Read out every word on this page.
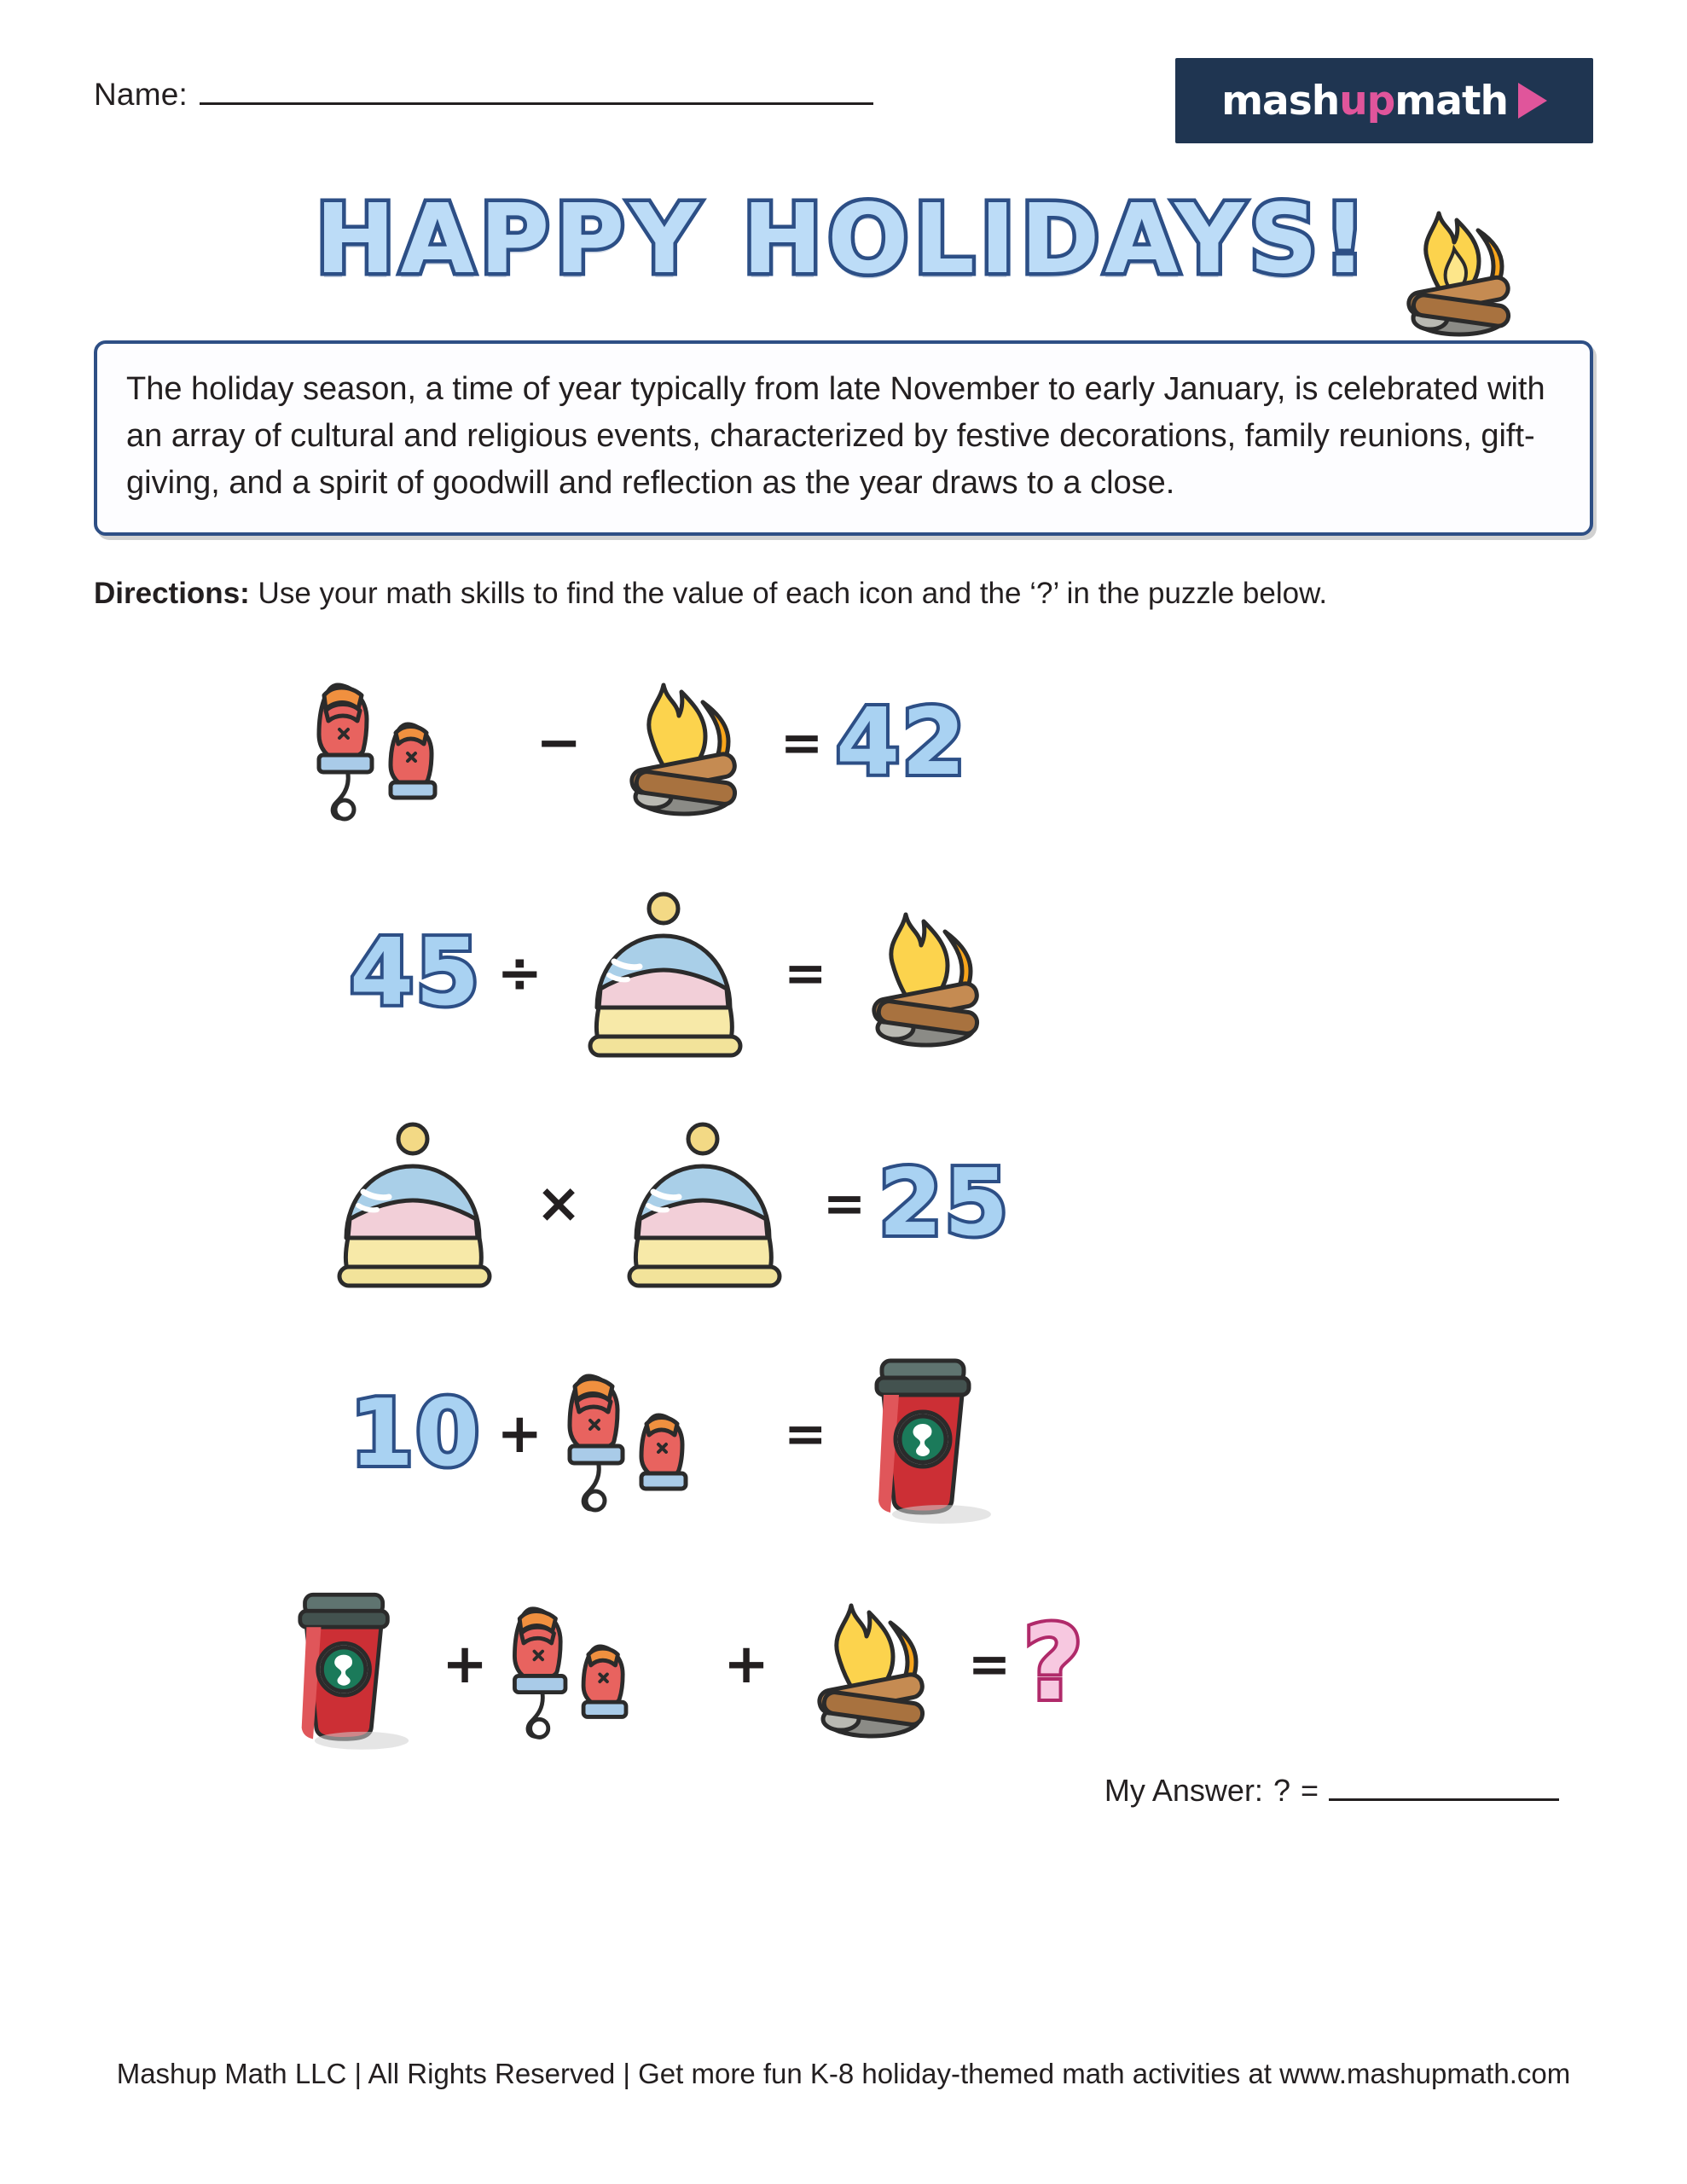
Name:	mashupmath
HAPPY HOLIDAYS!
The holiday season, a time of year typically from late November to early January, is celebrated with an array of cultural and religious events, characterized by festive decorations, family reunions, gift-giving, and a spirit of goodwill and reflection as the year draws to a close.
Directions: Use your math skills to find the value of each icon and the ‘?’ in the puzzle below.
−	= 42
45 ÷	=
×	= 25
10 +	=
+	+	= ?
My Answer: ? =
Mashup Math LLC | All Rights Reserved | Get more fun K-8 holiday-themed math activities at www.mashupmath.com
